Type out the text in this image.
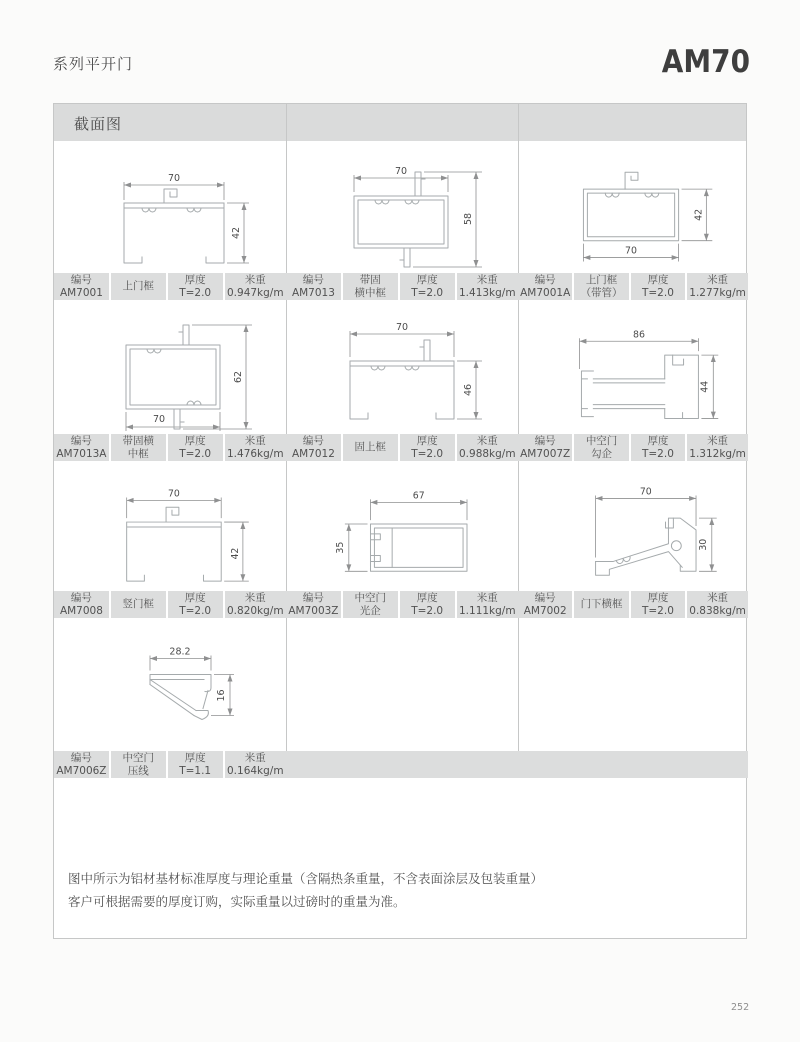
系列平开门	AM70
截面图
70
42
编号
AM7001
上门框
厚度
T=2.0
米重
0.947kg/m
70
58
编号
AM7013
带固
横中框
厚度
T=2.0
米重
1.413kg/m
42
70
编号
AM7001A
上门框
（带管）
厚度
T=2.0
米重
1.277kg/m
62
70
编号
AM7013A
带固横
中框
厚度
T=2.0
米重
1.476kg/m
70
46
编号
AM7012
固上框
厚度
T=2.0
米重
0.988kg/m
86
44
编号
AM7007Z
中空门
勾企
厚度
T=2.0
米重
1.312kg/m
70
42
编号
AM7008
竖门框
厚度
T=2.0
米重
0.820kg/m
67
35
编号
AM7003Z
中空门
光企
厚度
T=2.0
米重
1.111kg/m
70
30
编号
AM7002
门下横框
厚度
T=2.0
米重
0.838kg/m
28.2
16
编号
AM7006Z
中空门
压线
厚度
T=1.1
米重
0.164kg/m
图中所示为铝材基材标准厚度与理论重量（含隔热条重量，不含表面涂层及包装重量）
客户可根据需要的厚度订购，实际重量以过磅时的重量为准。
252
